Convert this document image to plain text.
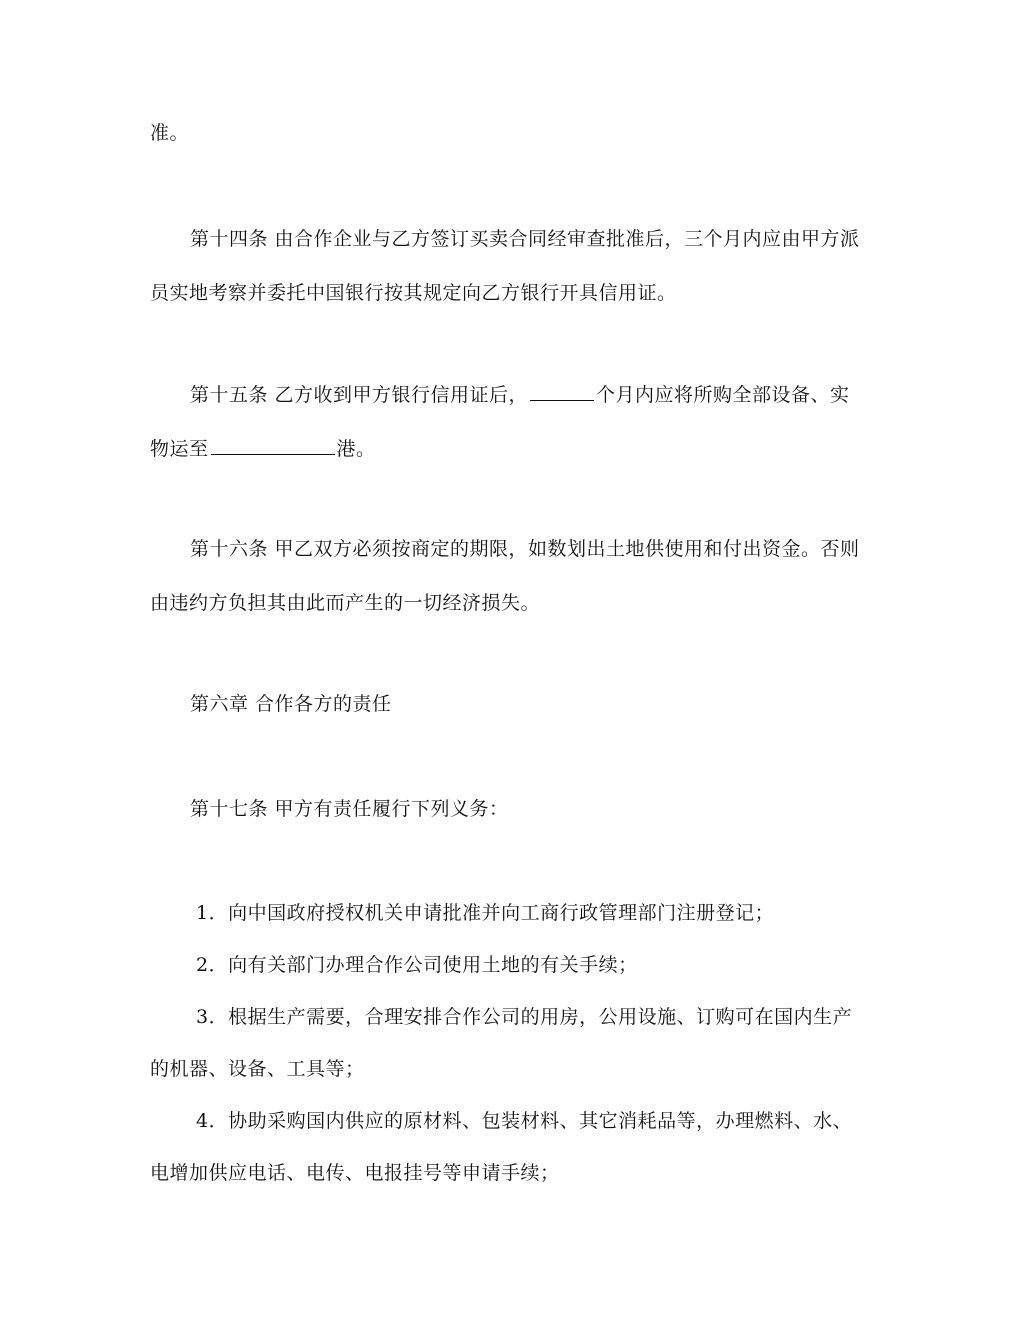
准。
第十四条 由合作企业与乙方签订买卖合同经审查批准后，三个月内应由甲方派
员实地考察并委托中国银行按其规定向乙方银行开具信用证。
第十五条 乙方收到甲方银行信用证后，	个月内应将所购全部设备、实
物运至	港。
第十六条 甲乙双方必须按商定的期限，如数划出土地供使用和付出资金。否则
由违约方负担其由此而产生的一切经济损失。
第六章 合作各方的责任
第十七条 甲方有责任履行下列义务：
1．向中国政府授权机关申请批准并向工商行政管理部门注册登记；
2．向有关部门办理合作公司使用土地的有关手续；
3．根据生产需要，合理安排合作公司的用房，公用设施、订购可在国内生产
的机器、设备、工具等；
4．协助采购国内供应的原材料、包装材料、其它消耗品等，办理燃料、水、
电增加供应电话、电传、电报挂号等申请手续；
